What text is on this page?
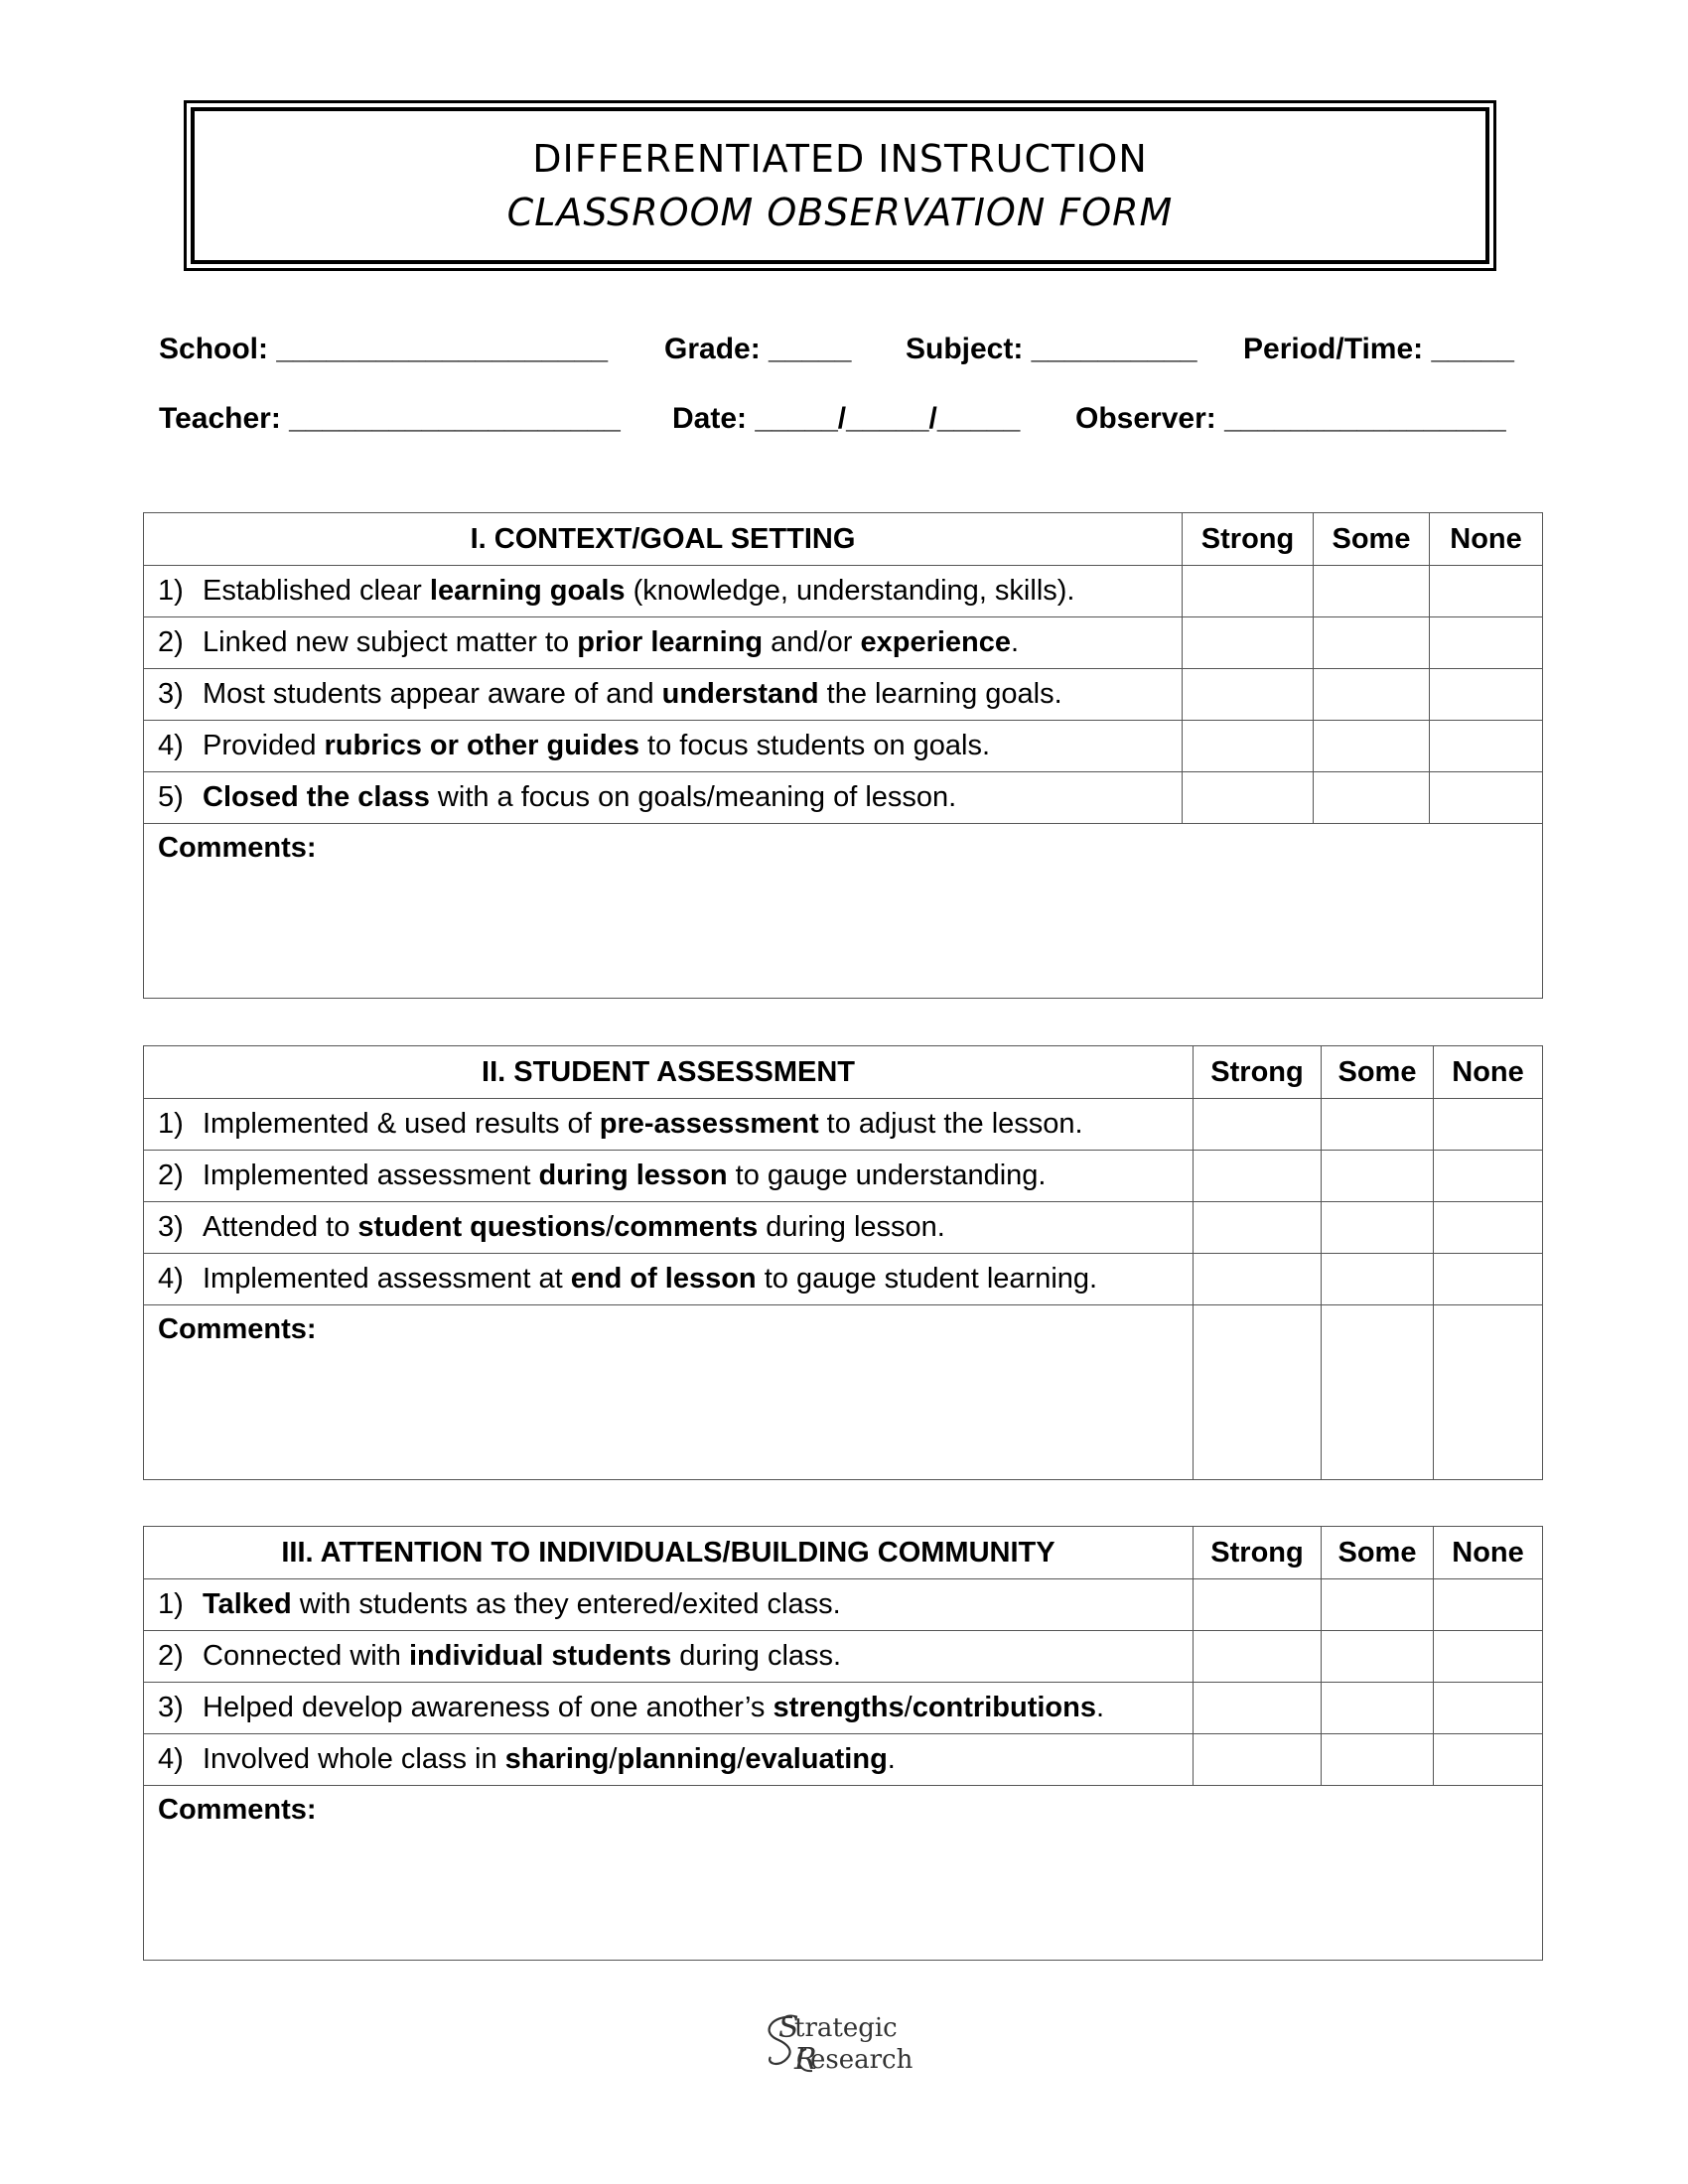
DIFFERENTIATED INSTRUCTION
CLASSROOM OBSERVATION FORM
School: ____________________ Grade: _____ Subject: __________ Period/Time: _____
Teacher: ____________________ Date: _____/_____/_____ Observer: _________________
I. CONTEXT/GOAL SETTING	Strong	Some	None
1) Established clear learning goals (knowledge, understanding, skills).			
2) Linked new subject matter to prior learning and/or experience.			
3) Most students appear aware of and understand the learning goals.			
4) Provided rubrics or other guides to focus students on goals.			
5) Closed the class with a focus on goals/meaning of lesson.			
Comments:			
II. STUDENT ASSESSMENT	Strong	Some	None
1) Implemented & used results of pre-assessment to adjust the lesson.			
2) Implemented assessment during lesson to gauge understanding.			
3) Attended to student questions/comments during lesson.			
4) Implemented assessment at end of lesson to gauge student learning.			
Comments:			
III. ATTENTION TO INDIVIDUALS/BUILDING COMMUNITY	Strong	Some	None
1) Talked with students as they entered/exited class.			
2) Connected with individual students during class.			
3) Helped develop awareness of one another’s strengths/contributions.			
4) Involved whole class in sharing/planning/evaluating.			
Comments:			
S
R
trategic
esearch
